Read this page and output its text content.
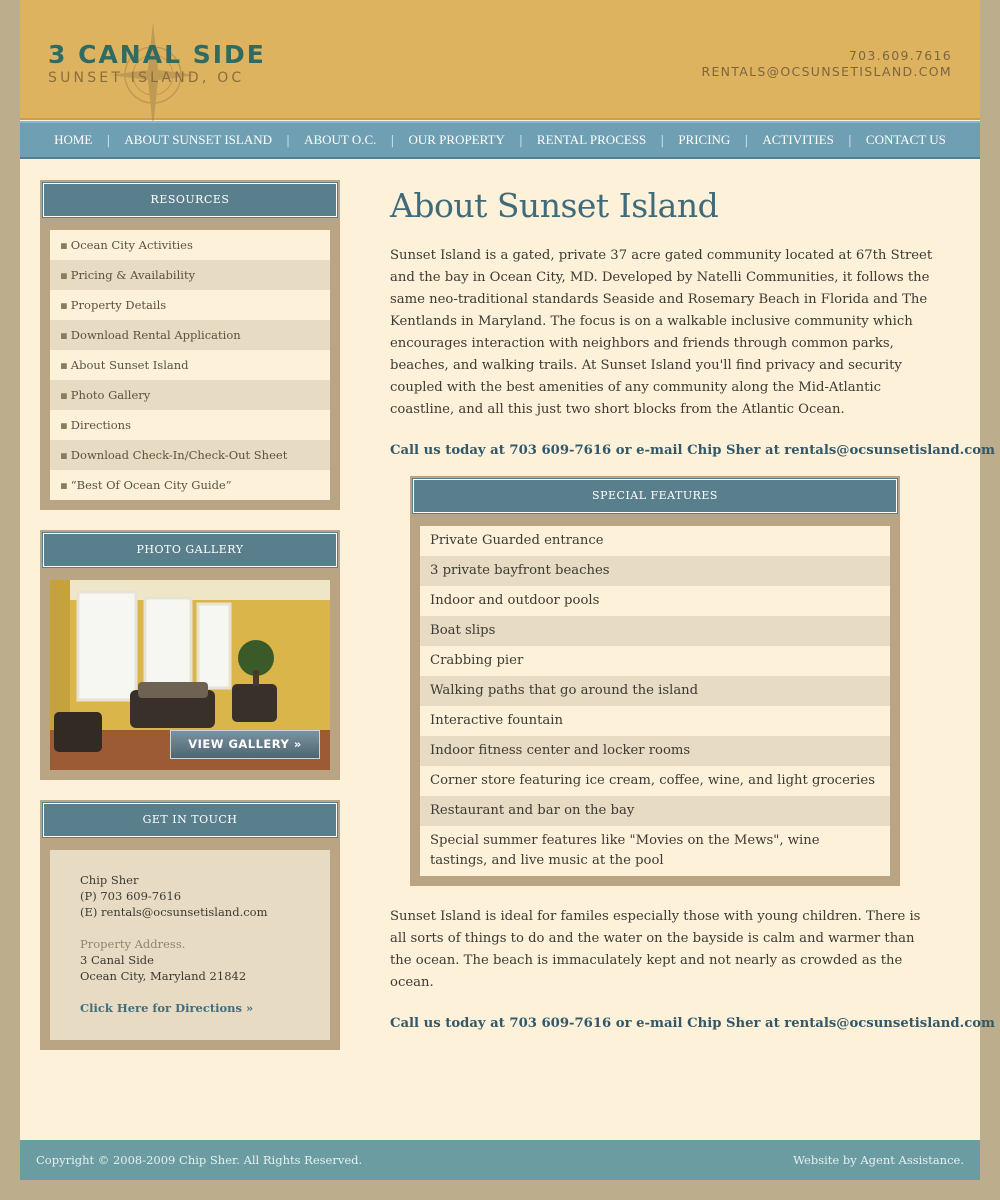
3 CANAL SIDE
SUNSET ISLAND, OC
703.609.7616
RENTALS@OCSUNSETISLAND.COM
HOME	|	ABOUT SUNSET ISLAND	|	ABOUT O.C.	|	OUR PROPERTY	|	RENTAL PROCESS	|	PRICING	|	ACTIVITIES	|	CONTACT US
RESOURCES
▪ Ocean City Activities
▪ Pricing & Availability
▪ Property Details
▪ Download Rental Application
▪ About Sunset Island
▪ Photo Gallery
▪ Directions
▪ Download Check-In/Check-Out Sheet
▪ “Best Of Ocean City Guide”
PHOTO GALLERY
VIEW GALLERY »
GET IN TOUCH
Chip Sher
(P) 703 609-7616
(E) rentals@ocsunsetisland.com
Property Address.
3 Canal Side
Ocean City, Maryland 21842
Click Here for Directions »
About Sunset Island

Sunset Island is a gated, private 37 acre gated community located at 67th Street and the bay in Ocean City, MD. Developed by Natelli Communities, it follows the same neo-traditional standards Seaside and Rosemary Beach in Florida and The Kentlands in Maryland. The focus is on a walkable inclusive community which encourages interaction with neighbors and friends through common parks, beaches, and walking trails. At Sunset Island you'll find privacy and security coupled with the best amenities of any community along the Mid-Atlantic coastline, and all this just two short blocks from the Atlantic Ocean.

Call us today at 703 609-7616 or e-mail Chip Sher at rentals@ocsunsetisland.com
SPECIAL FEATURES
Private Guarded entrance
3 private bayfront beaches
Indoor and outdoor pools
Boat slips
Crabbing pier
Walking paths that go around the island
Interactive fountain
Indoor fitness center and locker rooms
Corner store featuring ice cream, coffee, wine, and light groceries
Restaurant and bar on the bay
Special summer features like "Movies on the Mews", wine tastings, and live music at the pool

Sunset Island is ideal for familes especially those with young children. There is all sorts of things to do and the water on the bayside is calm and warmer than the ocean. The beach is immaculately kept and not nearly as crowded as the ocean.

Call us today at 703 609-7616 or e-mail Chip Sher at rentals@ocsunsetisland.com
Copyright © 2008-2009 Chip Sher. All Rights Reserved.	Website by Agent Assistance.
